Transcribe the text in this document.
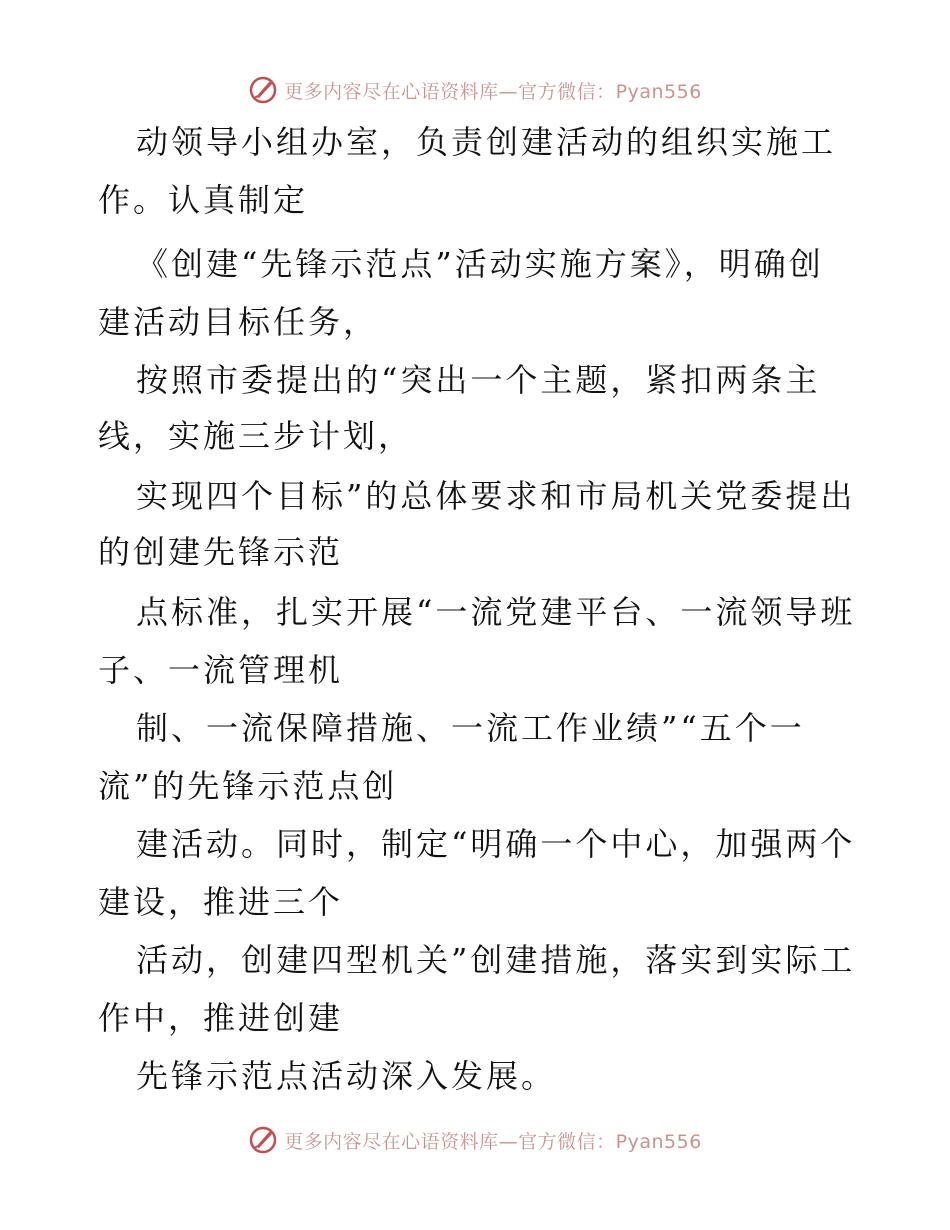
更多内容尽在心语资料库—官方微信：Pyan556
动领导小组办室，负责创建活动的组织实施工
作。认真制定
《创建“先锋示范点”活动实施方案》，明确创
建活动目标任务，
按照市委提出的“突出一个主题，紧扣两条主
线，实施三步计划，
实现四个目标”的总体要求和市局机关党委提出
的创建先锋示范
点标准，扎实开展“一流党建平台、一流领导班
子、一流管理机
制、一流保障措施、一流工作业绩”“五个一
流”的先锋示范点创
建活动。同时，制定“明确一个中心，加强两个
建设，推进三个
活动，创建四型机关”创建措施，落实到实际工
作中，推进创建
先锋示范点活动深入发展。
更多内容尽在心语资料库—官方微信：Pyan556
